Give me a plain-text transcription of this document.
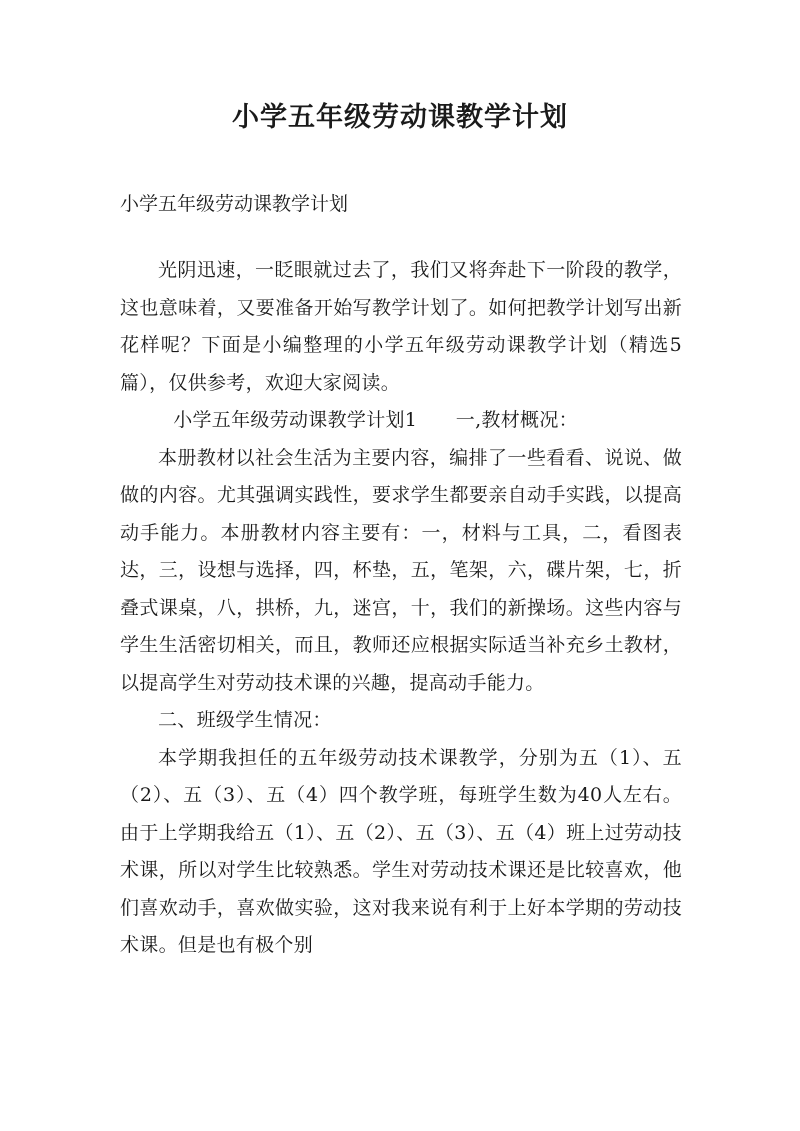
小学五年级劳动课教学计划
小学五年级劳动课教学计划

光阴迅速，一眨眼就过去了，我们又将奔赴下一阶段的教学，这也意味着，又要准备开始写教学计划了。如何把教学计划写出新花样呢？下面是小编整理的小学五年级劳动课教学计划（精选5篇），仅供参考，欢迎大家阅读。

小学五年级劳动课教学计划1　　一,教材概况：

本册教材以社会生活为主要内容，编排了一些看看、说说、做做的内容。尤其强调实践性，要求学生都要亲自动手实践，以提高动手能力。本册教材内容主要有：一，材料与工具，二，看图表达，三，设想与选择，四，杯垫，五，笔架，六，碟片架，七，折叠式课桌，八，拱桥，九，迷宫，十，我们的新操场。这些内容与学生生活密切相关，而且，教师还应根据实际适当补充乡土教材，以提高学生对劳动技术课的兴趣，提高动手能力。

二、班级学生情况：

本学期我担任的五年级劳动技术课教学，分别为五（1）、五（2）、五（3）、五（4）四个教学班，每班学生数为40人左右。由于上学期我给五（1）、五（2）、五（3）、五（4）班上过劳动技术课，所以对学生比较熟悉。学生对劳动技术课还是比较喜欢，他们喜欢动手，喜欢做实验，这对我来说有利于上好本学期的劳动技术课。但是也有极个别
